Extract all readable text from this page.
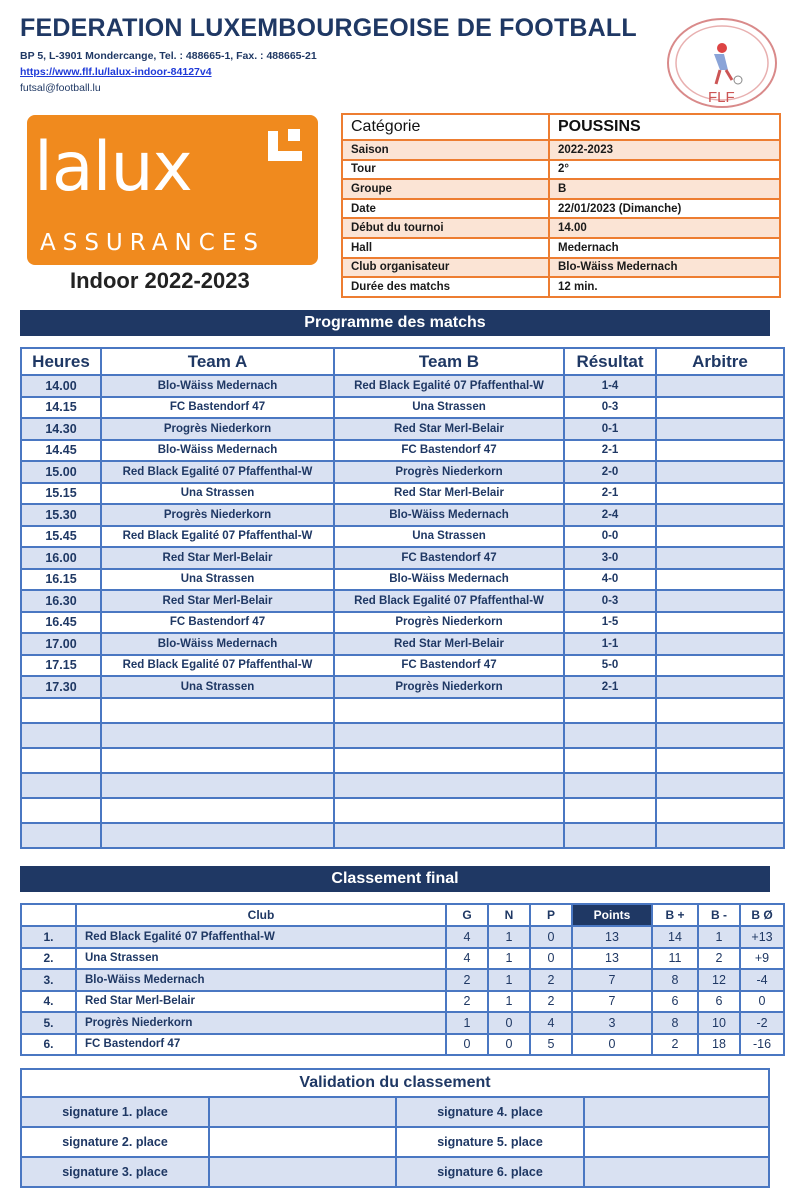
FEDERATION LUXEMBOURGEOISE DE FOOTBALL
BP 5, L-3901 Mondercange, Tel. : 488665-1, Fax. : 488665-21
https://www.flf.lu/lalux-indoor-84127v4
futsal@football.lu
FLF
lalux
ASSURANCES
Indoor 2022-2023
Catégorie	POUSSINS
Saison	2022-2023
Tour	2°
Groupe	B
Date	22/01/2023 (Dimanche)
Début du tournoi	14.00
Hall	Medernach
Club organisateur	Blo-Wäiss Medernach
Durée des matchs	12 min.
Programme des matchs
Heures	Team A	Team B	Résultat	Arbitre
14.00	Blo-Wäiss Medernach	Red Black Egalité 07 Pfaffenthal-W	1-4	
14.15	FC Bastendorf 47	Una Strassen	0-3	
14.30	Progrès Niederkorn	Red Star Merl-Belair	0-1	
14.45	Blo-Wäiss Medernach	FC Bastendorf 47	2-1	
15.00	Red Black Egalité 07 Pfaffenthal-W	Progrès Niederkorn	2-0	
15.15	Una Strassen	Red Star Merl-Belair	2-1	
15.30	Progrès Niederkorn	Blo-Wäiss Medernach	2-4	
15.45	Red Black Egalité 07 Pfaffenthal-W	Una Strassen	0-0	
16.00	Red Star Merl-Belair	FC Bastendorf 47	3-0	
16.15	Una Strassen	Blo-Wäiss Medernach	4-0	
16.30	Red Star Merl-Belair	Red Black Egalité 07 Pfaffenthal-W	0-3	
16.45	FC Bastendorf 47	Progrès Niederkorn	1-5	
17.00	Blo-Wäiss Medernach	Red Star Merl-Belair	1-1	
17.15	Red Black Egalité 07 Pfaffenthal-W	FC Bastendorf 47	5-0	
17.30	Una Strassen	Progrès Niederkorn	2-1	

Classement final
	Club	G	N	P	Points	B +	B -	B Ø
1.	Red Black Egalité 07 Pfaffenthal-W	4	1	0	13	14	1	+13
2.	Una Strassen	4	1	0	13	11	2	+9
3.	Blo-Wäiss Medernach	2	1	2	7	8	12	-4
4.	Red Star Merl-Belair	2	1	2	7	6	6	0
5.	Progrès Niederkorn	1	0	4	3	8	10	-2
6.	FC Bastendorf 47	0	0	5	0	2	18	-16
Validation du classement			
signature 1. place		signature 4. place	
signature 2. place		signature 5. place	
signature 3. place		signature 6. place	
